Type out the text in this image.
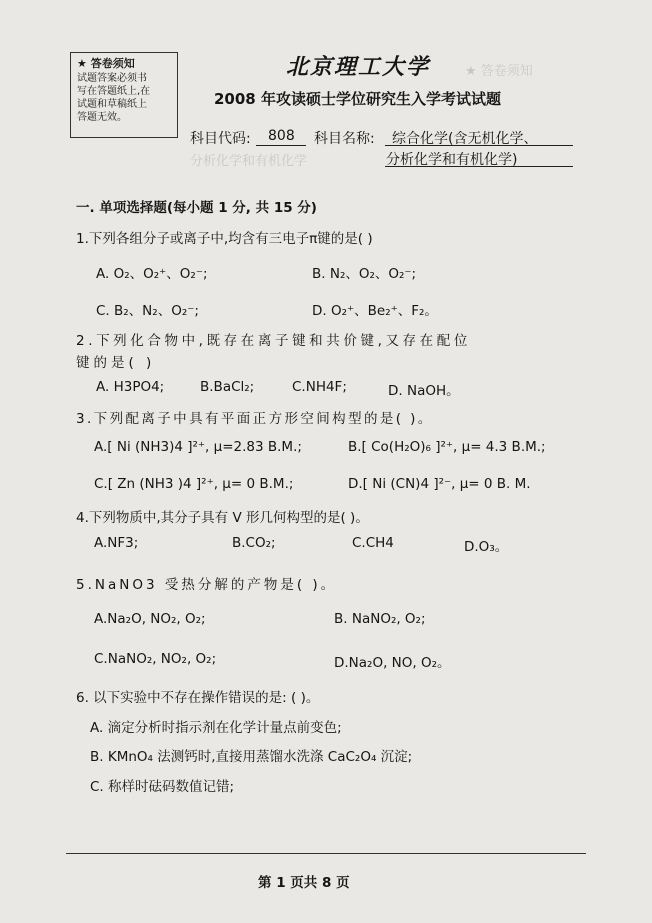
★ 答卷须知
分析化学和有机化学
★ 答卷须知
试题答案必须书
写在答题纸上,在
试题和草稿纸上
答题无效。
北京理工大学
2008 年攻读硕士学位研究生入学考试试题
科目代码: 808 科目名称: 综合化学(含无机化学、
分析化学和有机化学)
一. 单项选择题(每小题 1 分, 共 15 分)
1.下列各组分子或离子中,均含有三电子π键的是( )
A. O₂、O₂⁺、O₂⁻;	B. N₂、O₂、O₂⁻;
C. B₂、N₂、O₂⁻;	D. O₂⁺、Be₂⁺、F₂。
2.下列化合物中,既存在离子键和共价键,又存在配位
键的是( )
A. H3PO4;	B.BaCl₂;	C.NH4F;	D. NaOH。
3.下列配离子中具有平面正方形空间构型的是( )。
A.[ Ni (NH3)4 ]²⁺, μ=2.83 B.M.;	B.[ Co(H₂O)₆ ]²⁺, μ= 4.3 B.M.;
C.[ Zn (NH3 )4 ]²⁺, μ= 0 B.M.;	D.[ Ni (CN)4 ]²⁻, μ= 0 B. M.
4.下列物质中,其分子具有 V 形几何构型的是( )。
A.NF3;	B.CO₂;	C.CH4	D.O₃。
5.NaNO3 受热分解的产物是( )。
A.Na₂O, NO₂, O₂;	B. NaNO₂, O₂;
C.NaNO₂, NO₂, O₂;	D.Na₂O, NO, O₂。
6. 以下实验中不存在操作错误的是: ( )。
A. 滴定分析时指示剂在化学计量点前变色;
B. KMnO₄ 法测钙时,直接用蒸馏水洗涤 CaC₂O₄ 沉淀;
C. 称样时砝码数值记错;
第 1 页共 8 页
